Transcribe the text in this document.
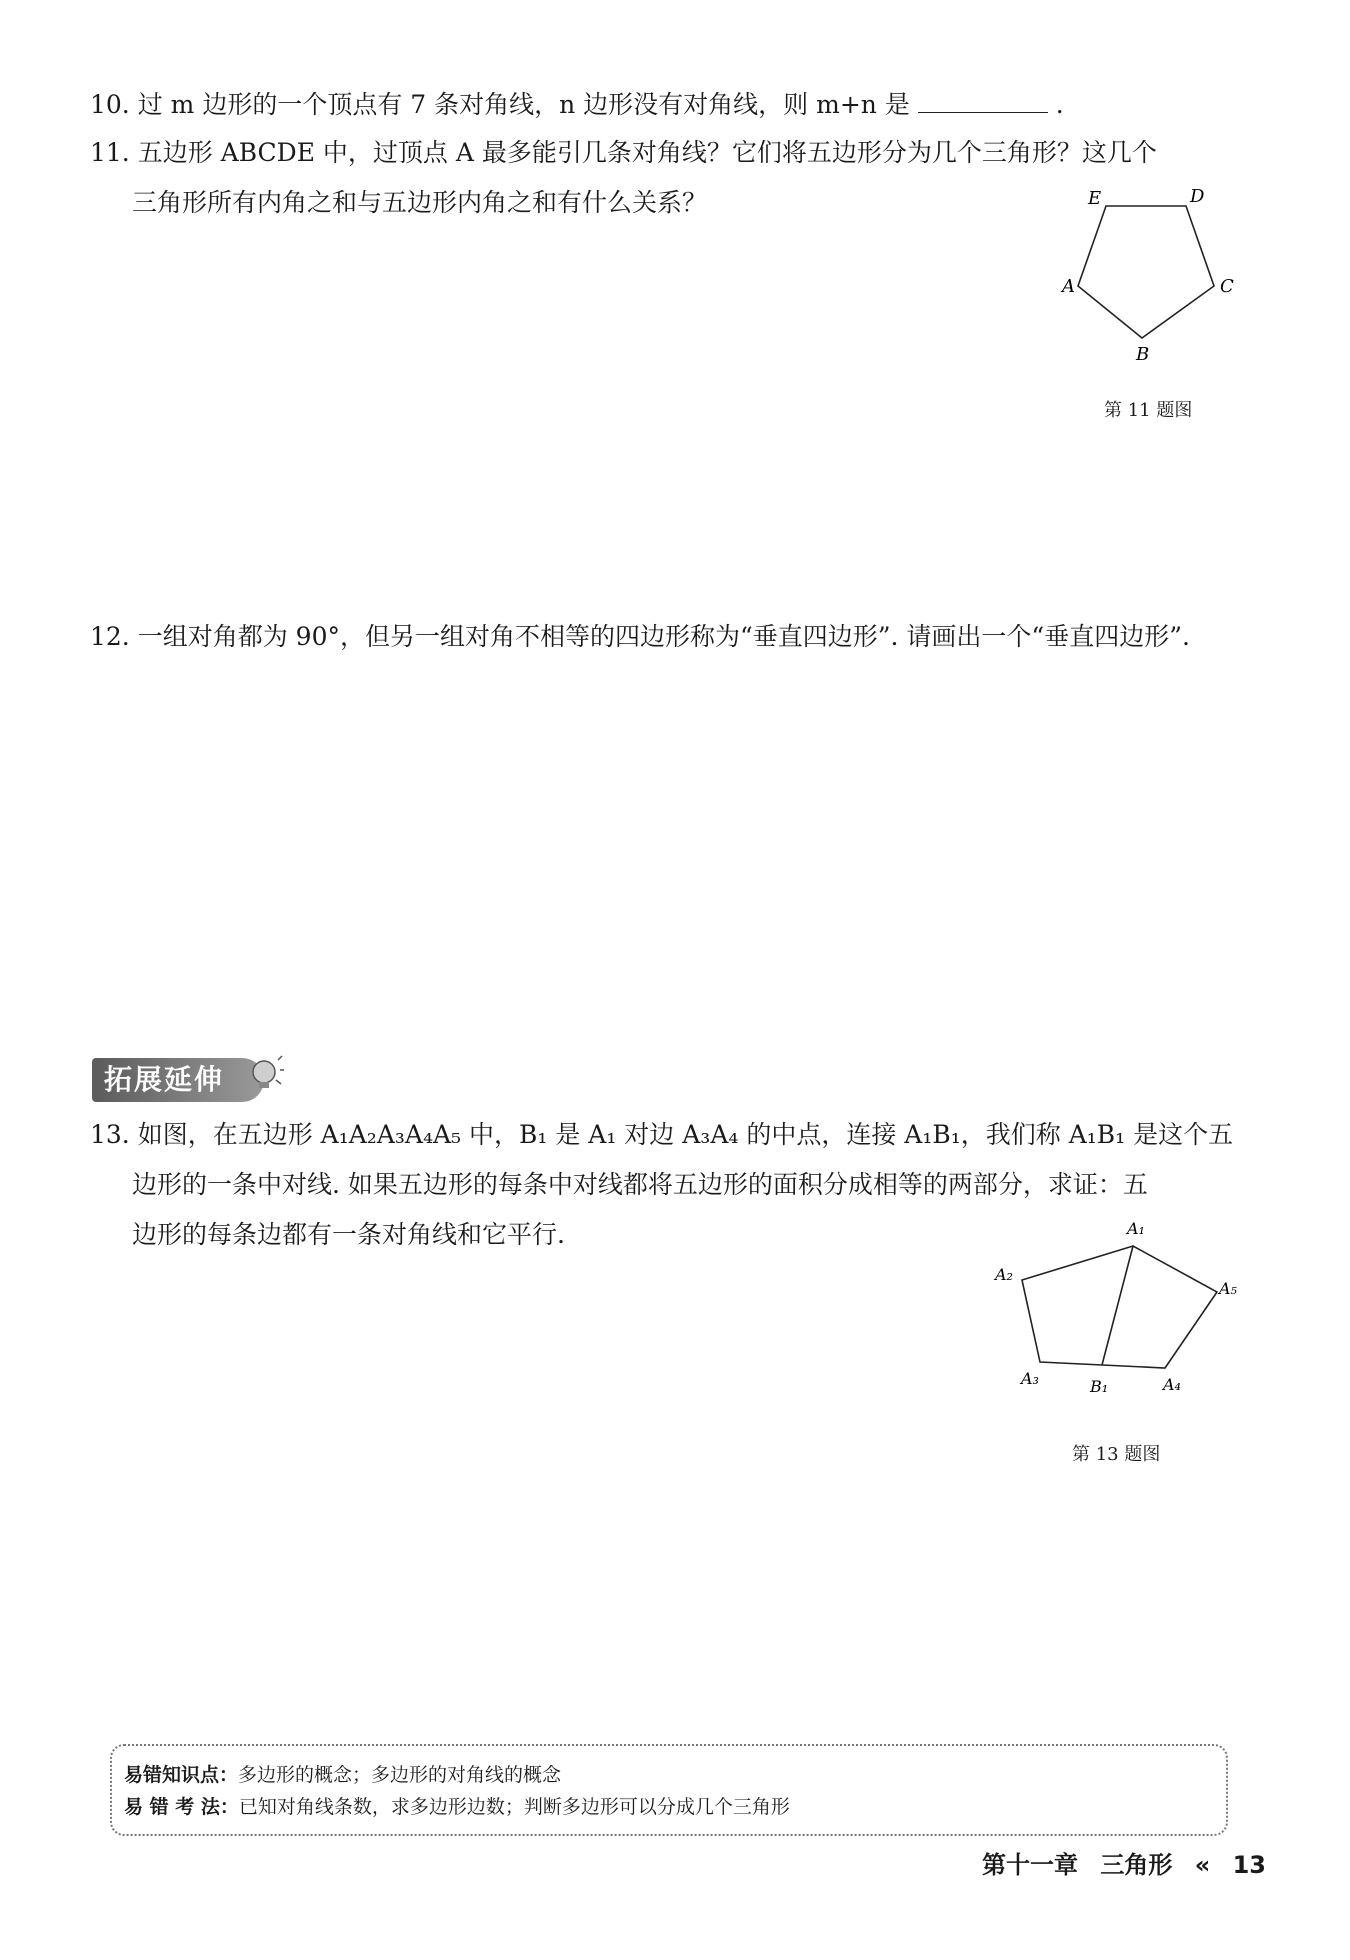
10. 过 m 边形的一个顶点有 7 条对角线，n 边形没有对角线，则 m+n 是	.
11. 五边形 ABCDE 中，过顶点 A 最多能引几条对角线？它们将五边形分为几个三角形？这几个
三角形所有内角之和与五边形内角之和有什么关系？	E	D
C
B
A
第 11 题图
12. 一组对角都为 90°，但另一组对角不相等的四边形称为“垂直四边形”. 请画出一个“垂直四边形”.
拓展延伸
13. 如图，在五边形 A₁A₂A₃A₄A₅ 中，B₁ 是 A₁ 对边 A₃A₄ 的中点，连接 A₁B₁，我们称 A₁B₁ 是这个五
边形的一条中对线. 如果五边形的每条中对线都将五边形的面积分成相等的两部分，求证：五
边形的每条边都有一条对角线和它平行.	A₁
A₂
A₃	B₁	A₄
A₅
第 13 题图
易错知识点：多边形的概念；多边形的对角线的概念
易 错 考 法：已知对角线条数，求多边形边数；判断多边形可以分成几个三角形
第十一章 三角形 « 13
